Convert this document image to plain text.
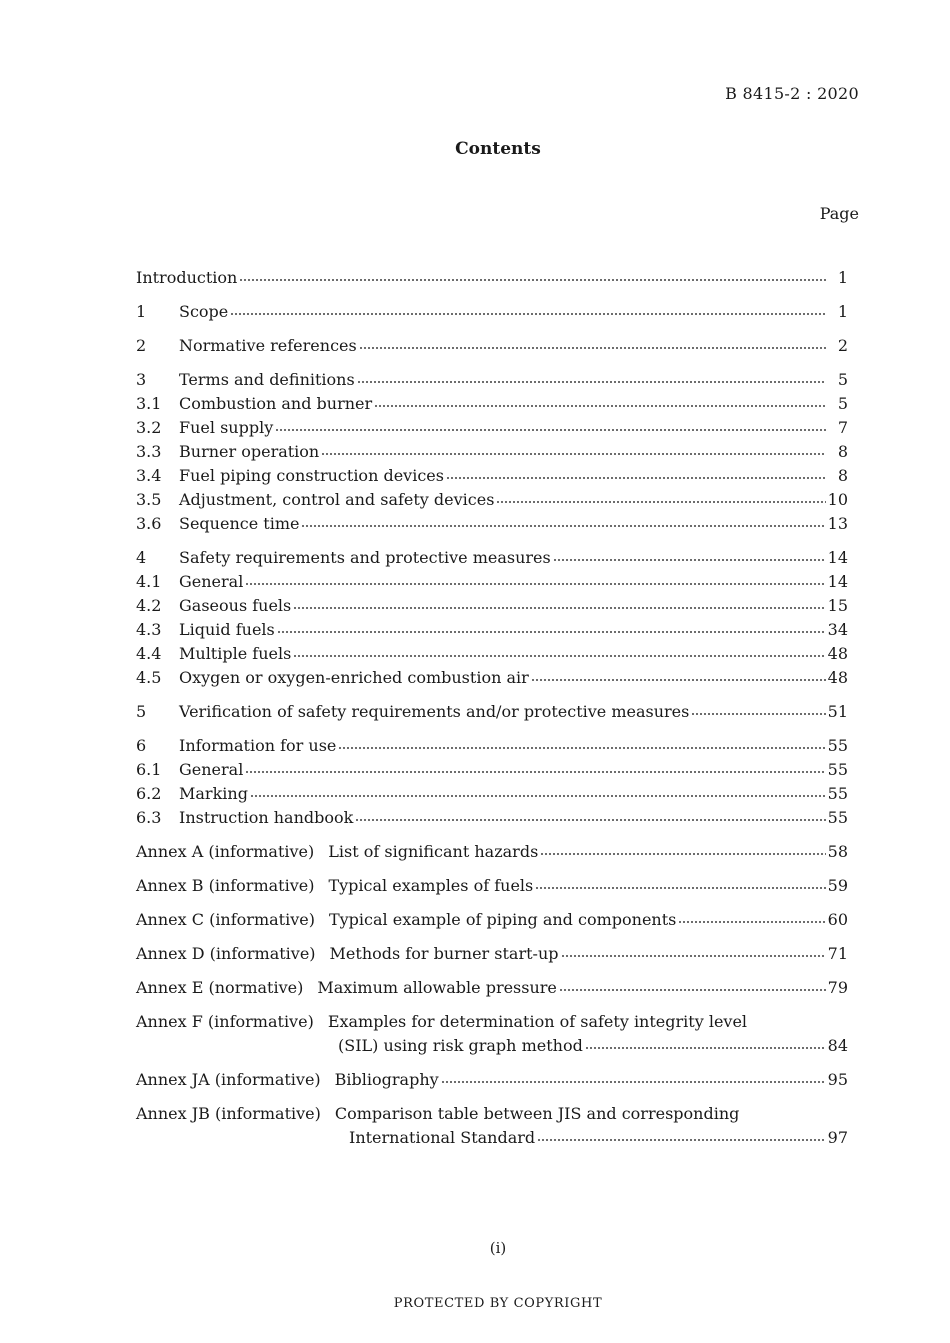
B 8415-2 : 2020
Contents
Page
Introduction	1
1	Scope	1
2	Normative references	2
3	Terms and definitions	5
3.1	Combustion and burner	5
3.2	Fuel supply	7
3.3	Burner operation	8
3.4	Fuel piping construction devices	8
3.5	Adjustment, control and safety devices	10
3.6	Sequence time	13
4	Safety requirements and protective measures	14
4.1	General	14
4.2	Gaseous fuels	15
4.3	Liquid fuels	34
4.4	Multiple fuels	48
4.5	Oxygen or oxygen-enriched combustion air	48
5	Verification of safety requirements and/or protective measures	51
6	Information for use	55
6.1	General	55
6.2	Marking	55
6.3	Instruction handbook	55
Annex A (informative) List of significant hazards	58
Annex B (informative) Typical examples of fuels	59
Annex C (informative) Typical example of piping and components	60
Annex D (informative) Methods for burner start-up	71
Annex E (normative) Maximum allowable pressure	79
Annex F (informative) Examples for determination of safety integrity level
(SIL) using risk graph method	84
Annex JA (informative) Bibliography	95
Annex JB (informative) Comparison table between JIS and corresponding
International Standard	97
(i)
PROTECTED BY COPYRIGHT
